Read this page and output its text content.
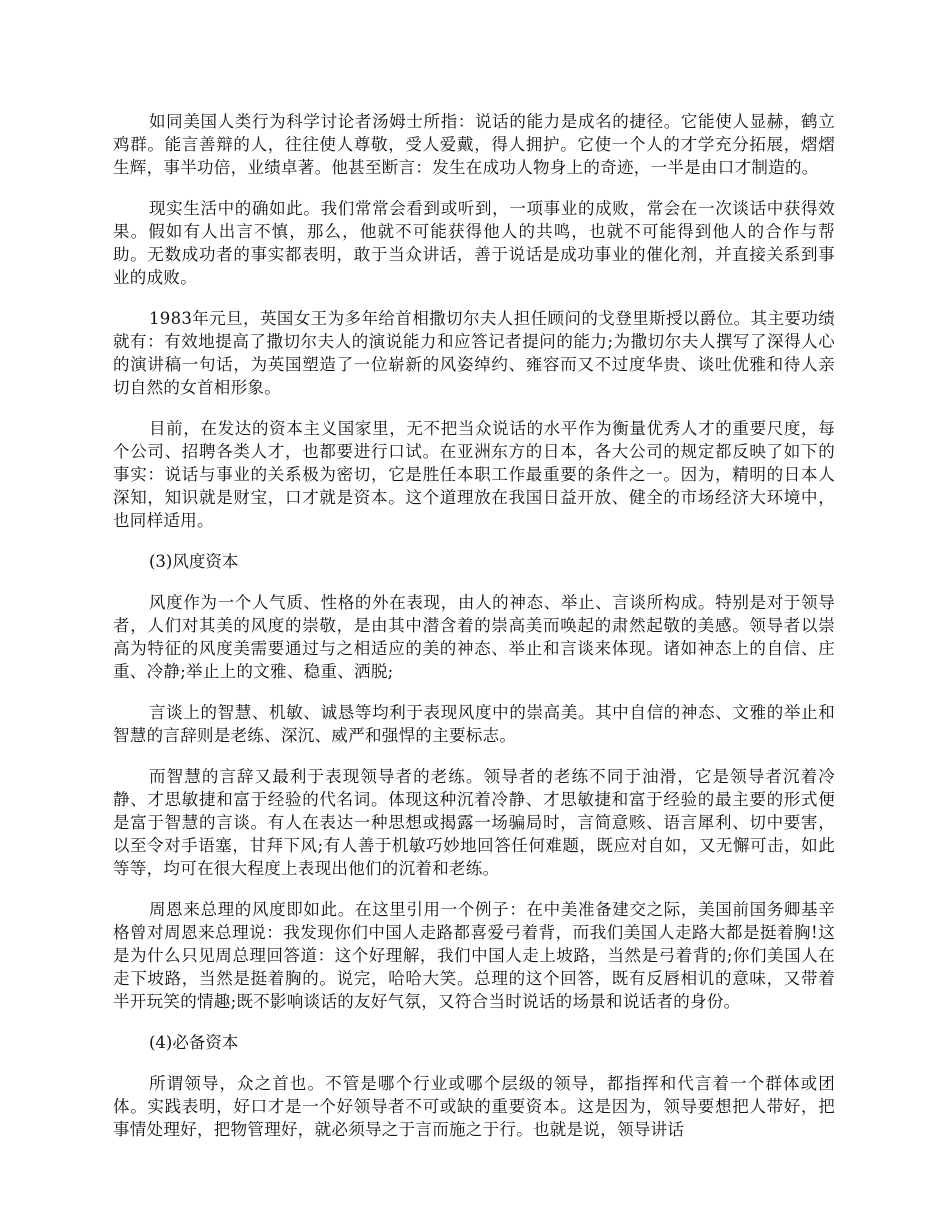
如同美国人类行为科学讨论者汤姆士所指：说话的能力是成名的捷径。它能使人显赫，鹤立鸡群。能言善辩的人，往往使人尊敬，受人爱戴，得人拥护。它使一个人的才学充分拓展，熠熠生辉，事半功倍，业绩卓著。他甚至断言：发生在成功人物身上的奇迹，一半是由口才制造的。

现实生活中的确如此。我们常常会看到或听到，一项事业的成败，常会在一次谈话中获得效果。假如有人出言不慎，那么，他就不可能获得他人的共鸣，也就不可能得到他人的合作与帮助。无数成功者的事实都表明，敢于当众讲话，善于说话是成功事业的催化剂，并直接关系到事业的成败。

1983年元旦，英国女王为多年给首相撒切尔夫人担任顾问的戈登里斯授以爵位。其主要功绩就有：有效地提高了撒切尔夫人的演说能力和应答记者提问的能力;为撒切尔夫人撰写了深得人心的演讲稿一句话，为英国塑造了一位崭新的风姿绰约、雍容而又不过度华贵、谈吐优雅和待人亲切自然的女首相形象。

目前，在发达的资本主义国家里，无不把当众说话的水平作为衡量优秀人才的重要尺度，每个公司、招聘各类人才，也都要进行口试。在亚洲东方的日本，各大公司的规定都反映了如下的事实：说话与事业的关系极为密切，它是胜任本职工作最重要的条件之一。因为，精明的日本人深知，知识就是财宝，口才就是资本。这个道理放在我国日益开放、健全的市场经济大环境中，也同样适用。

(3)风度资本

风度作为一个人气质、性格的外在表现，由人的神态、举止、言谈所构成。特别是对于领导者，人们对其美的风度的崇敬，是由其中潜含着的崇高美而唤起的肃然起敬的美感。领导者以崇高为特征的风度美需要通过与之相适应的美的神态、举止和言谈来体现。诸如神态上的自信、庄重、冷静;举止上的文雅、稳重、洒脱;

言谈上的智慧、机敏、诚恳等均利于表现风度中的崇高美。其中自信的神态、文雅的举止和智慧的言辞则是老练、深沉、威严和强悍的主要标志。

而智慧的言辞又最利于表现领导者的老练。领导者的老练不同于油滑，它是领导者沉着冷静、才思敏捷和富于经验的代名词。体现这种沉着冷静、才思敏捷和富于经验的最主要的形式便是富于智慧的言谈。有人在表达一种思想或揭露一场骗局时，言简意赅、语言犀利、切中要害，以至令对手语塞，甘拜下风;有人善于机敏巧妙地回答任何难题，既应对自如，又无懈可击，如此等等，均可在很大程度上表现出他们的沉着和老练。

周恩来总理的风度即如此。在这里引用一个例子：在中美准备建交之际，美国前国务卿基辛格曾对周恩来总理说：我发现你们中国人走路都喜爱弓着背，而我们美国人走路大都是挺着胸!这是为什么只见周总理回答道：这个好理解，我们中国人走上坡路，当然是弓着背的;你们美国人在走下坡路，当然是挺着胸的。说完，哈哈大笑。总理的这个回答，既有反唇相讥的意味，又带着半开玩笑的情趣;既不影响谈话的友好气氛，又符合当时说话的场景和说话者的身份。

(4)必备资本

所谓领导，众之首也。不管是哪个行业或哪个层级的领导，都指挥和代言着一个群体或团体。实践表明，好口才是一个好领导者不可或缺的重要资本。这是因为，领导要想把人带好，把事情处理好，把物管理好，就必须导之于言而施之于行。也就是说，领导讲话
